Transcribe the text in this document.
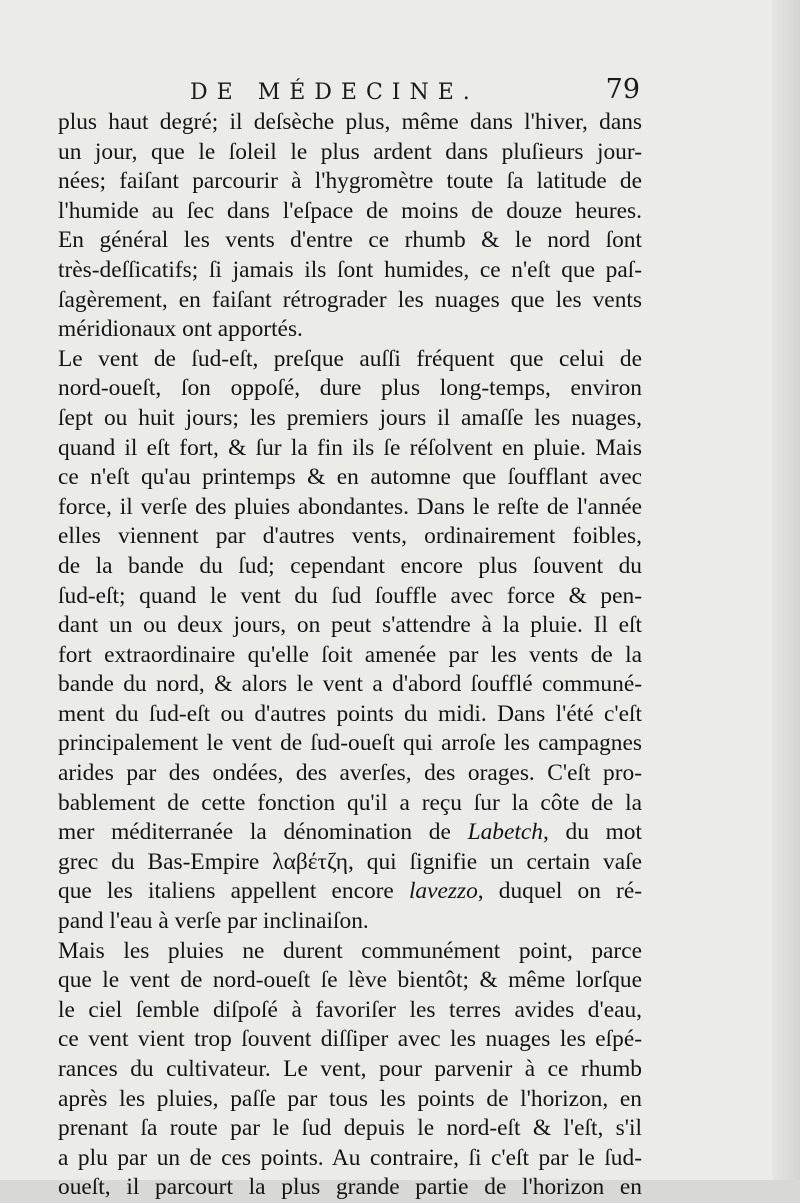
DE MÉDECINE.	79
plus haut degré; il deſsèche plus, même dans l'hiver, dans
un jour, que le ſoleil le plus ardent dans pluſieurs jour-
nées; faiſant parcourir à l'hygromètre toute ſa latitude de
l'humide au ſec dans l'eſpace de moins de douze heures.
En général les vents d'entre ce rhumb & le nord ſont
très-deſſicatifs; ſi jamais ils ſont humides, ce n'eſt que paſ-
ſagèrement, en faiſant rétrograder les nuages que les vents
méridionaux ont apportés.
Le vent de ſud-eſt, preſque auſſi fréquent que celui de
nord-oueſt, ſon oppoſé, dure plus long-temps, environ
ſept ou huit jours; les premiers jours il amaſſe les nuages,
quand il eſt fort, & ſur la fin ils ſe réſolvent en pluie. Mais
ce n'eſt qu'au printemps & en automne que ſoufflant avec
force, il verſe des pluies abondantes. Dans le reſte de l'année
elles viennent par d'autres vents, ordinairement foibles,
de la bande du ſud; cependant encore plus ſouvent du
ſud-eſt; quand le vent du ſud ſouffle avec force & pen-
dant un ou deux jours, on peut s'attendre à la pluie. Il eſt
fort extraordinaire qu'elle ſoit amenée par les vents de la
bande du nord, & alors le vent a d'abord ſoufflé communé-
ment du ſud-eſt ou d'autres points du midi. Dans l'été c'eſt
principalement le vent de ſud-oueſt qui arroſe les campagnes
arides par des ondées, des averſes, des orages. C'eſt pro-
bablement de cette fonction qu'il a reçu ſur la côte de la
mer méditerranée la dénomination de Labetch, du mot
grec du Bas-Empire λαβέτζη, qui ſignifie un certain vaſe
que les italiens appellent encore lavezzo, duquel on ré-
pand l'eau à verſe par inclinaiſon.
Mais les pluies ne durent communément point, parce
que le vent de nord-oueſt ſe lève bientôt; & même lorſque
le ciel ſemble diſpoſé à favoriſer les terres avides d'eau,
ce vent vient trop ſouvent diſſiper avec les nuages les eſpé-
rances du cultivateur. Le vent, pour parvenir à ce rhumb
après les pluies, paſſe par tous les points de l'horizon, en
prenant ſa route par le ſud depuis le nord-eſt & l'eſt, s'il
a plu par un de ces points. Au contraire, ſi c'eſt par le ſud-
oueſt, il parcourt la plus grande partie de l'horizon en
